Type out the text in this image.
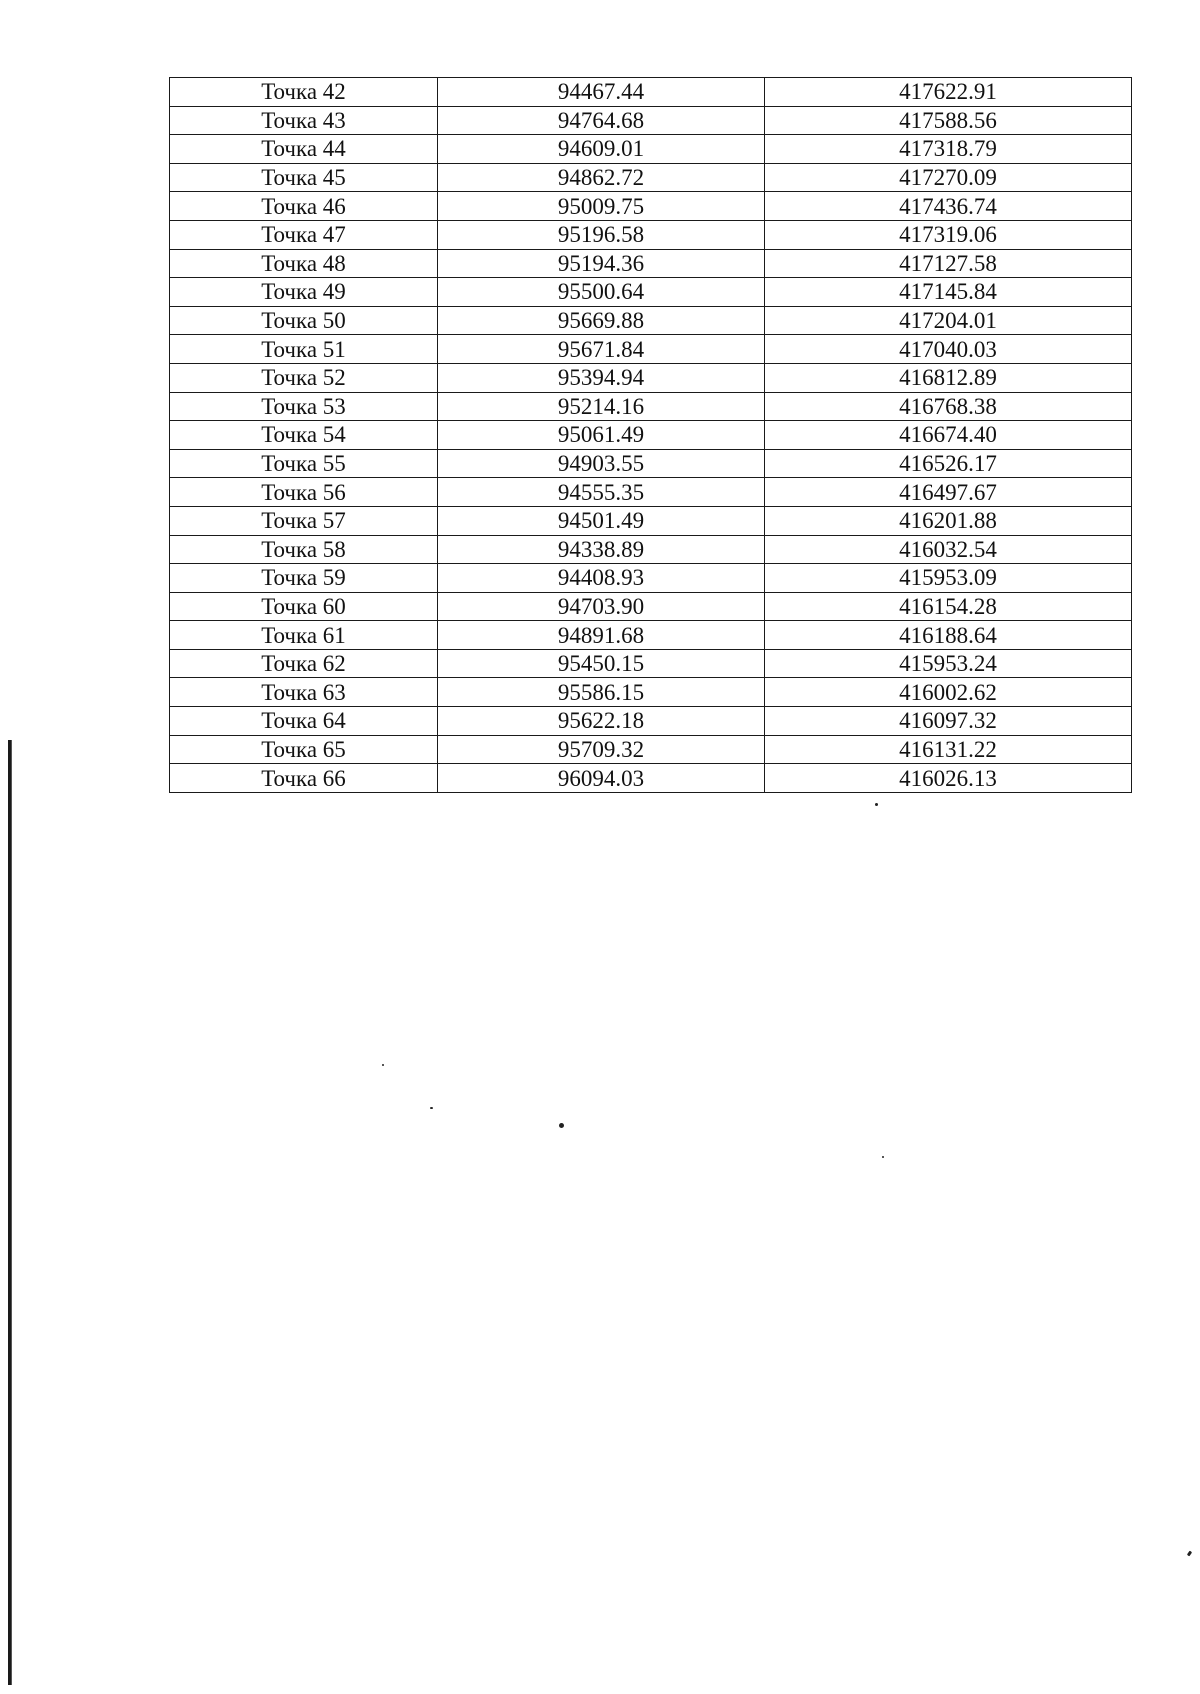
Точка 42	94467.44	417622.91
Точка 43	94764.68	417588.56
Точка 44	94609.01	417318.79
Точка 45	94862.72	417270.09
Точка 46	95009.75	417436.74
Точка 47	95196.58	417319.06
Точка 48	95194.36	417127.58
Точка 49	95500.64	417145.84
Точка 50	95669.88	417204.01
Точка 51	95671.84	417040.03
Точка 52	95394.94	416812.89
Точка 53	95214.16	416768.38
Точка 54	95061.49	416674.40
Точка 55	94903.55	416526.17
Точка 56	94555.35	416497.67
Точка 57	94501.49	416201.88
Точка 58	94338.89	416032.54
Точка 59	94408.93	415953.09
Точка 60	94703.90	416154.28
Точка 61	94891.68	416188.64
Точка 62	95450.15	415953.24
Точка 63	95586.15	416002.62
Точка 64	95622.18	416097.32
Точка 65	95709.32	416131.22
Точка 66	96094.03	416026.13
